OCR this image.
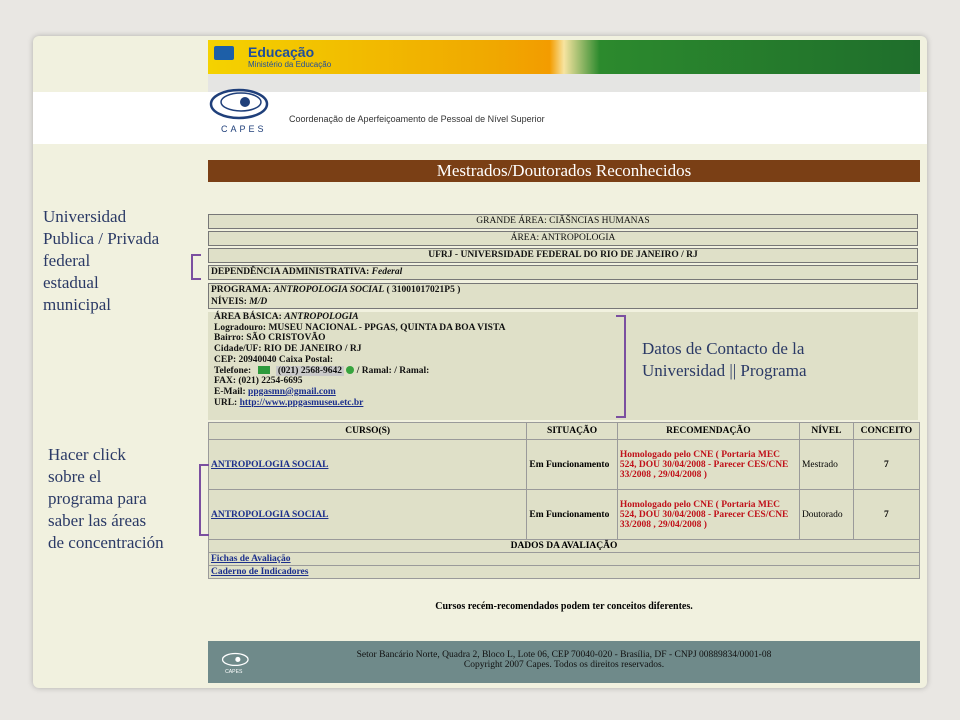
Educação
Ministério da Educação
CAPES
Coordenação de Aperfeiçoamento de Pessoal de Nível Superior
Mestrados/Doutorados Reconhecidos
GRANDE ÁREA: CIÃŠNCIAS HUMANAS
ÁREA: ANTROPOLOGIA
UFRJ - UNIVERSIDADE FEDERAL DO RIO DE JANEIRO / RJ
DEPENDÊNCIA ADMINISTRATIVA: Federal
PROGRAMA: ANTROPOLOGIA SOCIAL ( 31001017021P5 )
NÍVEIS: M/D
ÁREA BÁSICA: ANTROPOLOGIA
Logradouro: MUSEU NACIONAL - PPGAS, QUINTA DA BOA VISTA
Bairro: SÃO CRISTOVÃO
Cidade/UF: RIO DE JANEIRO / RJ
CEP: 20940040 Caixa Postal:
Telefone:	(021) 2568-9642 / Ramal: / Ramal:
FAX: (021) 2254-6695
E-Mail: ppgasmn@gmail.com
URL: http://www.ppgasmuseu.etc.br
CURSO(S)	SITUAÇÃO	RECOMENDAÇÃO	NÍVEL	CONCEITO
ANTROPOLOGIA SOCIAL	Em Funcionamento	Homologado pelo CNE ( Portaria MEC 524, DOU 30/04/2008 - Parecer CES/CNE 33/2008 , 29/04/2008 )	Mestrado	7
ANTROPOLOGIA SOCIAL	Em Funcionamento	Homologado pelo CNE ( Portaria MEC 524, DOU 30/04/2008 - Parecer CES/CNE 33/2008 , 29/04/2008 )	Doutorado	7
DADOS DA AVALIAÇÃO				
Fichas de Avaliação				
Caderno de Indicadores				
Cursos recém-recomendados podem ter conceitos diferentes.
CAPES
Setor Bancário Norte, Quadra 2, Bloco L, Lote 06, CEP 70040-020 - Brasília, DF - CNPJ 00889834/0001-08
Copyright 2007 Capes. Todos os direitos reservados.
Universidad
Publica / Privada
federal
estadual
municipal
Datos de Contacto de la
Universidad || Programa
Hacer click
sobre el
programa para
saber las áreas
de concentración
